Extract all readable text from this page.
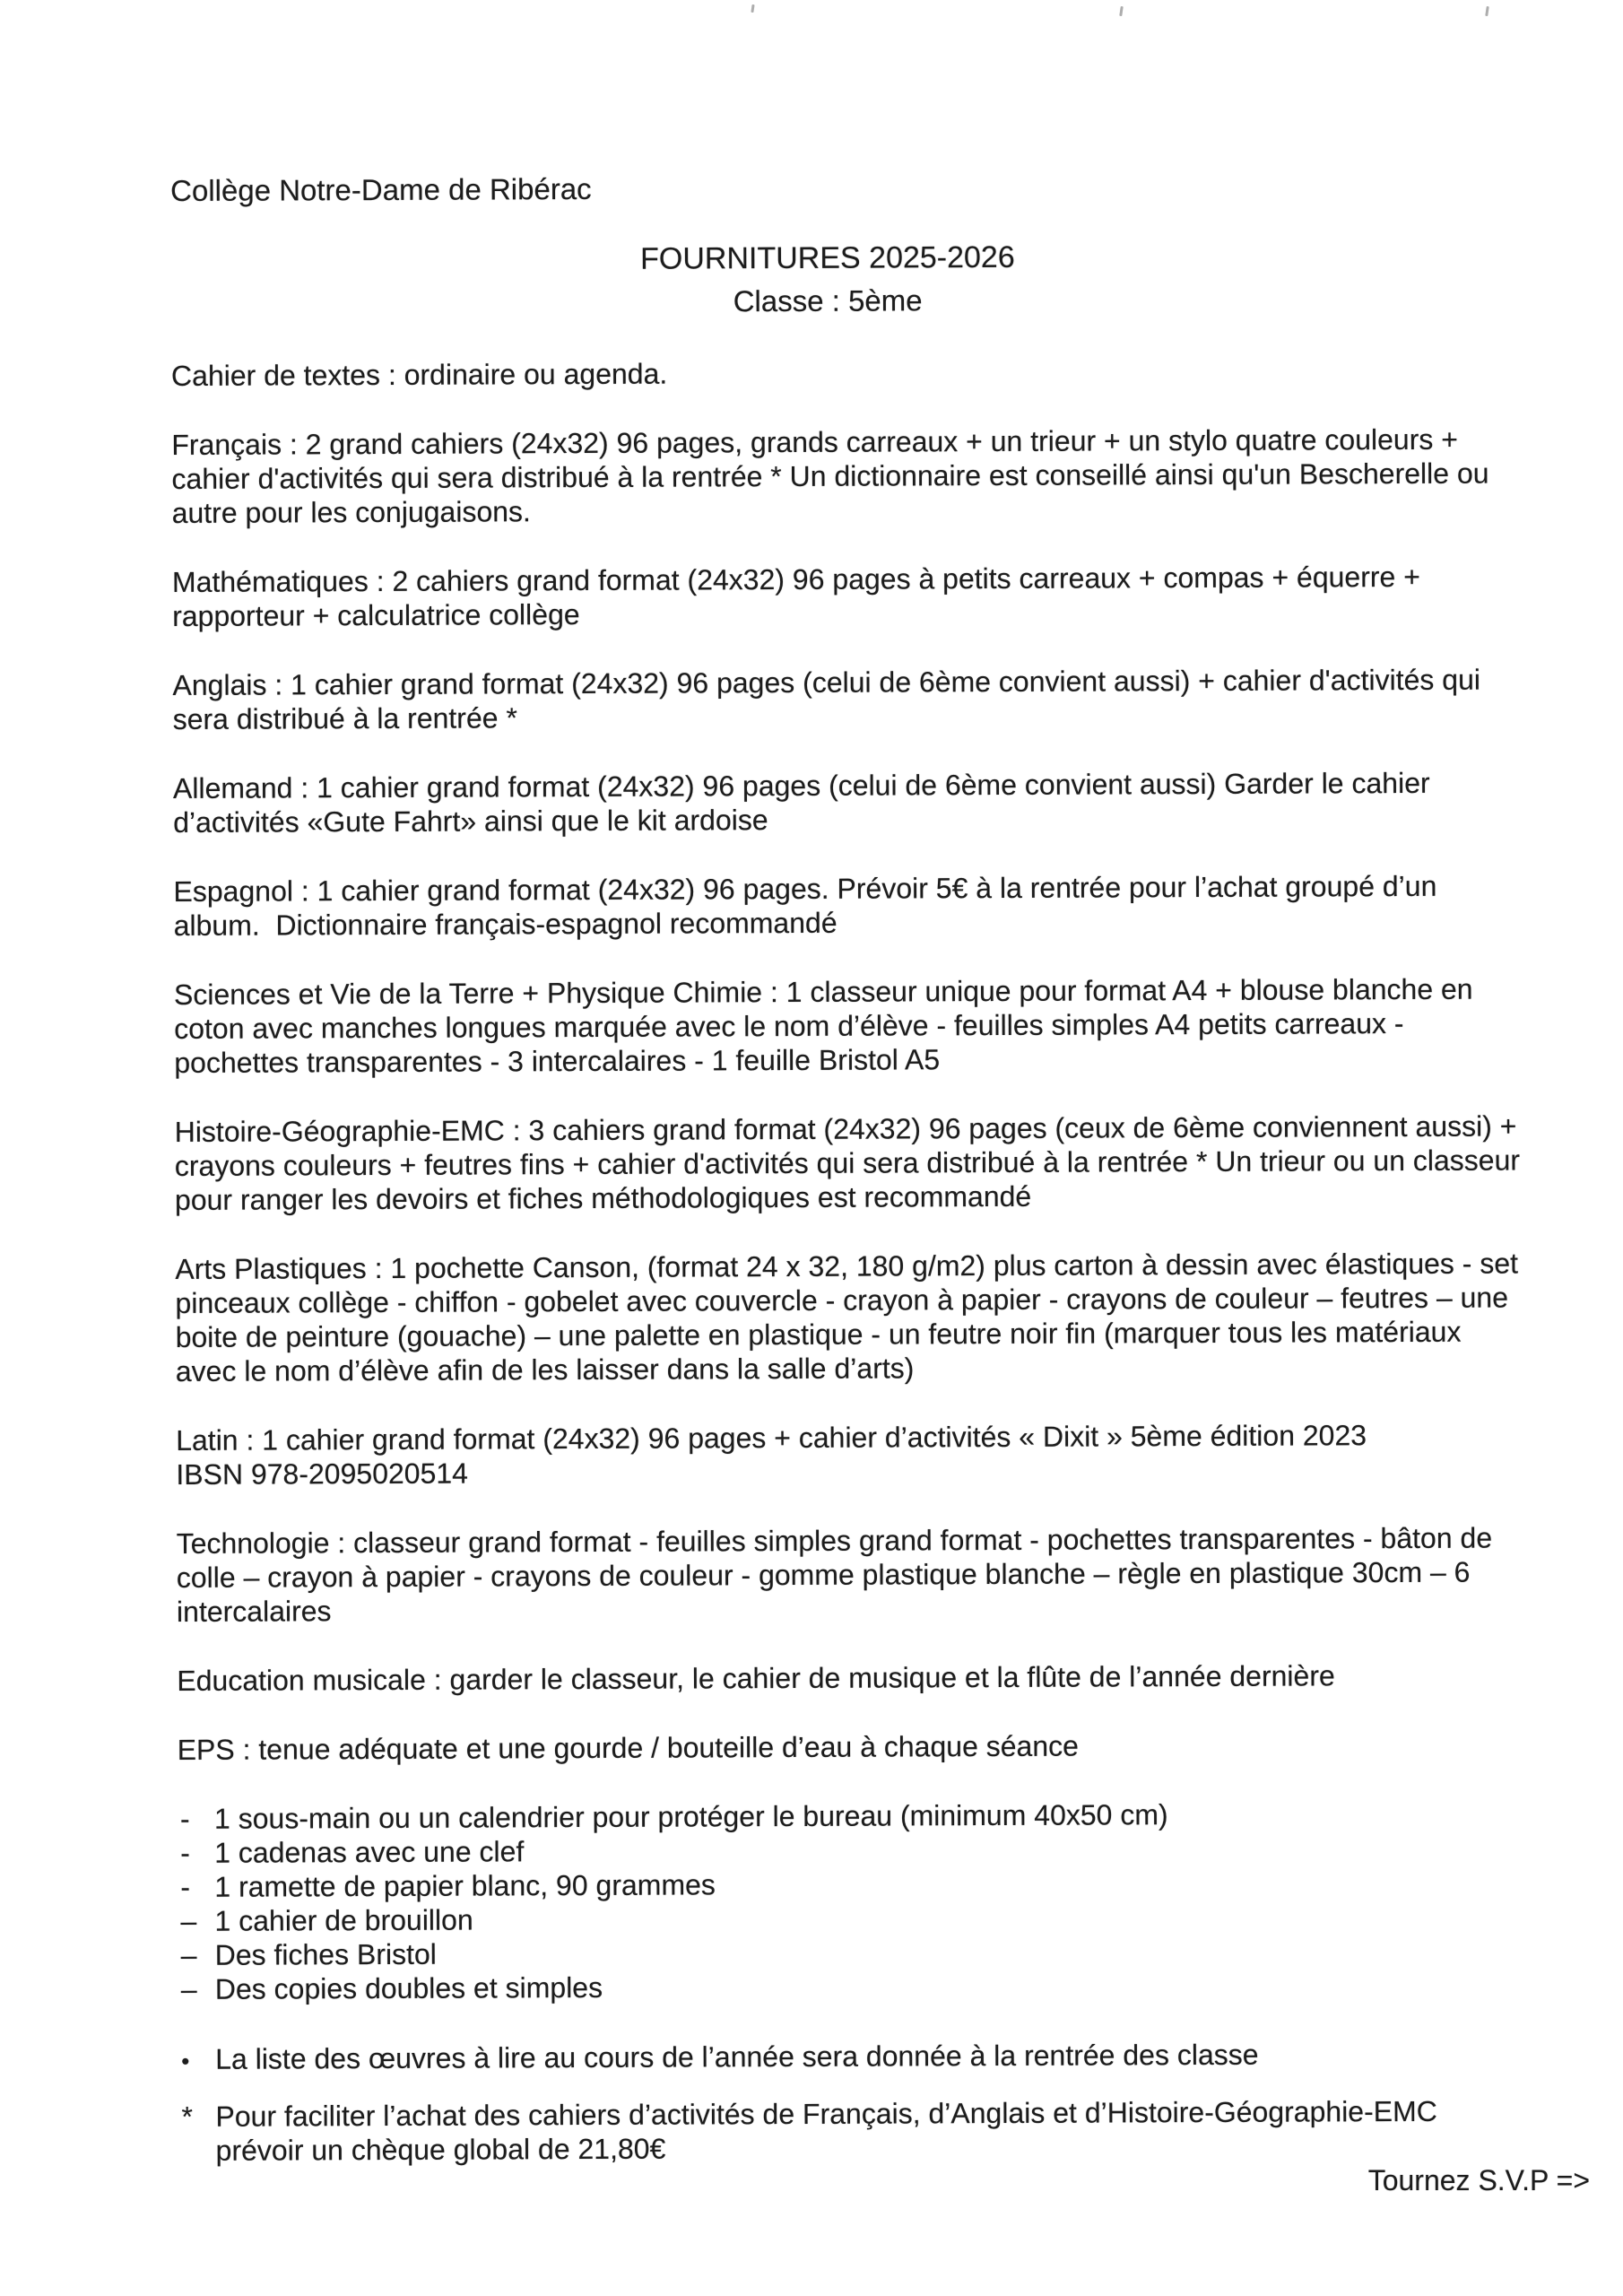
Collège Notre-Dame de Ribérac
FOURNITURES 2025-2026
Classe : 5ème

Cahier de textes : ordinaire ou agenda.

Français : 2 grand cahiers (24x32) 96 pages, grands carreaux + un trieur + un stylo quatre couleurs + cahier d'activités qui sera distribué à la rentrée * Un dictionnaire est conseillé ainsi qu'un Bescherelle ou autre pour les conjugaisons.

Mathématiques : 2 cahiers grand format (24x32) 96 pages à petits carreaux + compas + équerre + rapporteur + calculatrice collège

Anglais : 1 cahier grand format (24x32) 96 pages (celui de 6ème convient aussi) + cahier d'activités qui sera distribué à la rentrée *

Allemand : 1 cahier grand format (24x32) 96 pages (celui de 6ème convient aussi) Garder le cahier d’activités «Gute Fahrt» ainsi que le kit ardoise

Espagnol : 1 cahier grand format (24x32) 96 pages. Prévoir 5€ à la rentrée pour l’achat groupé d’un album.  Dictionnaire français-espagnol recommandé

Sciences et Vie de la Terre + Physique Chimie : 1 classeur unique pour format A4 + blouse blanche en coton avec manches longues marquée avec le nom d’élève - feuilles simples A4 petits carreaux - pochettes transparentes - 3 intercalaires - 1 feuille Bristol A5

Histoire-Géographie-EMC : 3 cahiers grand format (24x32) 96 pages (ceux de 6ème conviennent aussi) + crayons couleurs + feutres fins + cahier d'activités qui sera distribué à la rentrée * Un trieur ou un classeur pour ranger les devoirs et fiches méthodologiques est recommandé

Arts Plastiques : 1 pochette Canson, (format 24 x 32, 180 g/m2) plus carton à dessin avec élastiques - set pinceaux collège - chiffon - gobelet avec couvercle - crayon à papier - crayons de couleur – feutres – une boite de peinture (gouache) – une palette en plastique - un feutre noir fin (marquer tous les matériaux avec le nom d’élève afin de les laisser dans la salle d’arts)

Latin : 1 cahier grand format (24x32) 96 pages + cahier d’activités « Dixit » 5ème édition 2023
IBSN 978-2095020514

Technologie : classeur grand format - feuilles simples grand format - pochettes transparentes - bâton de colle – crayon à papier - crayons de couleur - gomme plastique blanche – règle en plastique 30cm – 6 intercalaires

Education musicale : garder le classeur, le cahier de musique et la flûte de l’année dernière

EPS : tenue adéquate et une gourde / bouteille d’eau à chaque séance

- 1 sous-main ou un calendrier pour protéger le bureau (minimum 40x50 cm)
- 1 cadenas avec une clef
- 1 ramette de papier blanc, 90 grammes
– 1 cahier de brouillon
– Des fiches Bristol
– Des copies doubles et simples
• La liste des œuvres à lire au cours de l’année sera donnée à la rentrée des classe
* Pour faciliter l’achat des cahiers d’activités de Français, d’Anglais et d’Histoire-Géographie-EMC prévoir un chèque global de 21,80€
Tournez S.V.P =>
